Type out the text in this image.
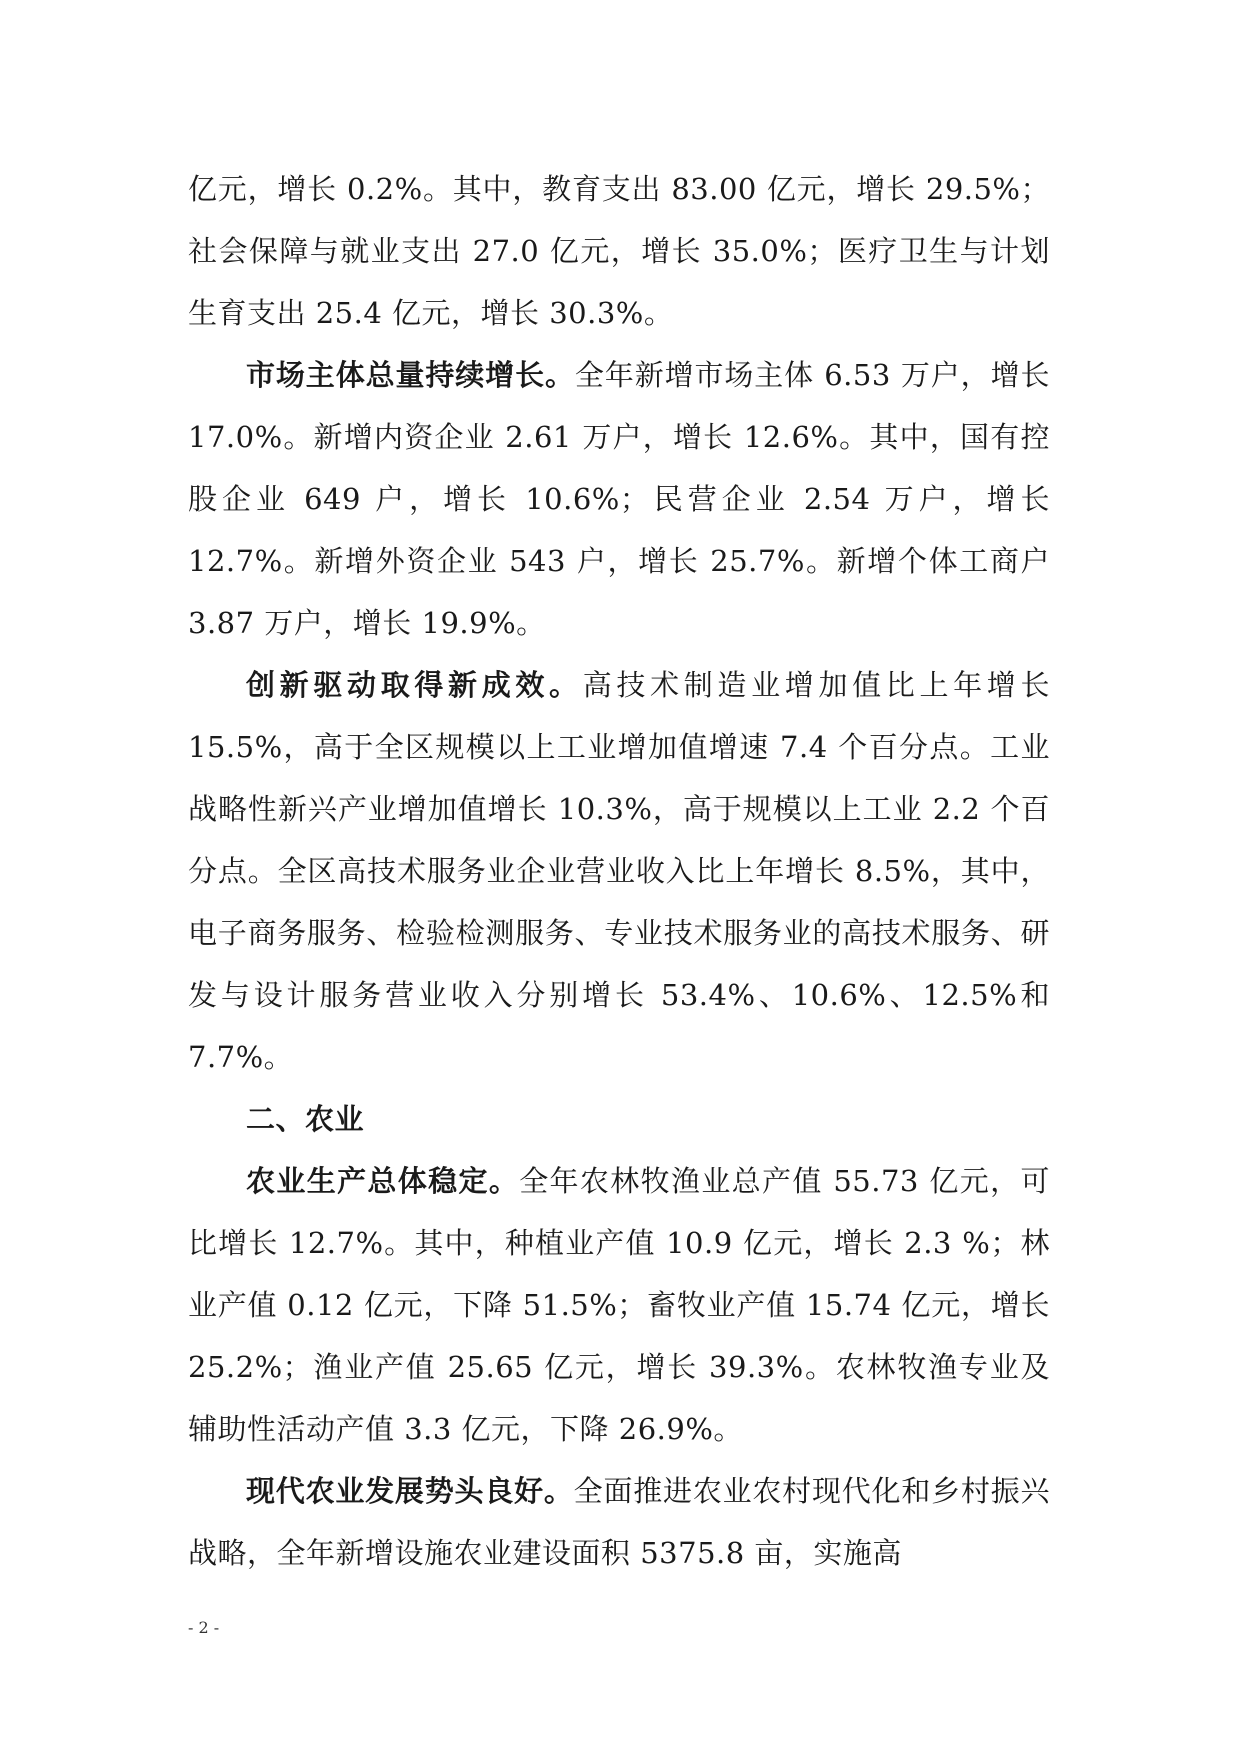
亿元，增长 0.2%。其中，教育支出 83.00 亿元，增长 29.5%；社会保障与就业支出 27.0 亿元，增长 35.0%；医疗卫生与计划生育支出 25.4 亿元，增长 30.3%。

市场主体总量持续增长。全年新增市场主体 6.53 万户，增长 17.0%。新增内资企业 2.61 万户，增长 12.6%。其中，国有控股企业 649 户，增长 10.6%；民营企业 2.54 万户，增长 12.7%。新增外资企业 543 户，增长 25.7%。新增个体工商户 3.87 万户，增长 19.9%。

创新驱动取得新成效。高技术制造业增加值比上年增长 15.5%，高于全区规模以上工业增加值增速 7.4 个百分点。工业战略性新兴产业增加值增长 10.3%，高于规模以上工业 2.2 个百分点。全区高技术服务业企业营业收入比上年增长 8.5%，其中，电子商务服务、检验检测服务、专业技术服务业的高技术服务、研发与设计服务营业收入分别增长 53.4%、10.6%、12.5%和 7.7%。

二、农业

农业生产总体稳定。全年农林牧渔业总产值 55.73 亿元，可比增长 12.7%。其中，种植业产值 10.9 亿元，增长 2.3 %；林业产值 0.12 亿元，下降 51.5%；畜牧业产值 15.74 亿元，增长 25.2%；渔业产值 25.65 亿元，增长 39.3%。农林牧渔专业及辅助性活动产值 3.3 亿元，下降 26.9%。

现代农业发展势头良好。全面推进农业农村现代化和乡村振兴战略，全年新增设施农业建设面积 5375.8 亩，实施高

- 2 -
